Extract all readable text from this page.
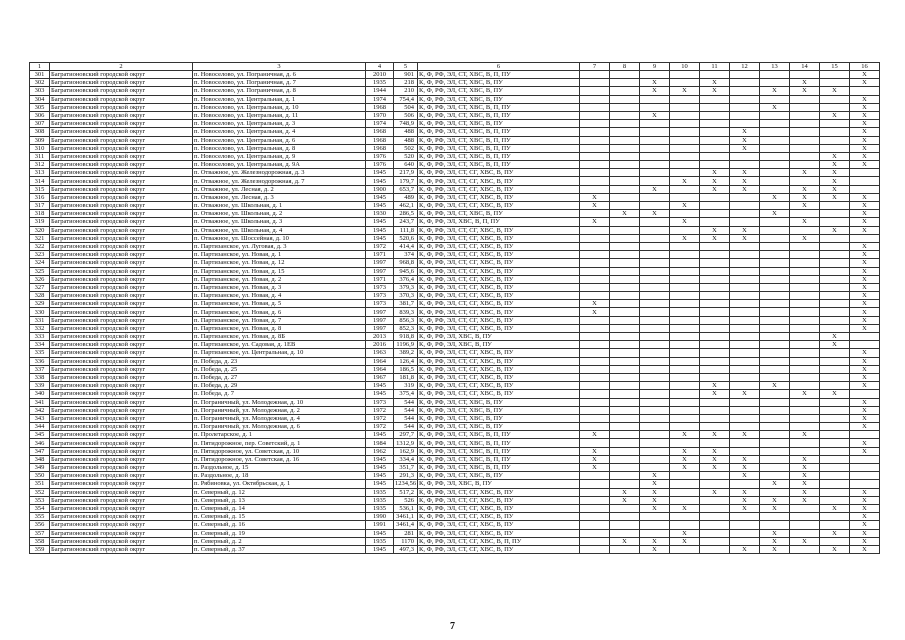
1	2	3	4	5	6	7	8	9	10	11	12	13	14	15	16
301	Багратионовский городской округ	п. Новоселово, ул. Пограничная, д. 6	2010	901	К, Ф, РФ, ЭЛ, СТ, ХВС, В, П, ПУ										X
302	Багратионовский городской округ	п. Новоселово, ул. Пограничная, д. 7	1935	218	К, Ф, РФ, ЭЛ, СТ, ХВС, В, ПУ			X		X			X		X
303	Багратионовский городской округ	п. Новоселово, ул. Пограничная, д. 8	1944	210	К, Ф, РФ, ЭЛ, СТ, ХВС, В, ПУ			X	X	X		X	X	X	
304	Багратионовский городской округ	п. Новоселово, ул. Центральная, д. 1	1974	754,4	К, Ф, РФ, ЭЛ, СТ, ХВС, В, ПУ										X
305	Багратионовский городской округ	п. Новоселово, ул. Центральная, д. 10	1968	504	К, Ф, РФ, ЭЛ, СТ, ХВС, В, П, ПУ							X			X
306	Багратионовский городской округ	п. Новоселово, ул. Центральная, д. 11	1970	506	К, Ф, РФ, ЭЛ, СТ, ХВС, В, П, ПУ			X						X	X
307	Багратионовский городской округ	п. Новоселово, ул. Центральная, д. 3	1974	748,9	К, Ф, РФ, ЭЛ, СТ, ХВС, В, ПУ										X
308	Багратионовский городской округ	п. Новоселово, ул. Центральная, д. 4	1968	488	К, Ф, РФ, ЭЛ, СТ, ХВС, В, П, ПУ						X				X
309	Багратионовский городской округ	п. Новоселово, ул. Центральная, д. 6	1968	488	К, Ф, РФ, ЭЛ, СТ, ХВС, В, П, ПУ						X				X
310	Багратионовский городской округ	п. Новоселово, ул. Центральная, д. 8	1968	502	К, Ф, РФ, ЭЛ, СТ, ХВС, В, П, ПУ						X				X
311	Багратионовский городской округ	п. Новоселово, ул. Центральная, д. 9	1976	520	К, Ф, РФ, ЭЛ, СТ, ХВС, В, П, ПУ									X	X
312	Багратионовский городской округ	п. Новоселово, ул. Центральная, д. 9А	1976	640	К, Ф, РФ, ЭЛ, СТ, ХВС, В, П, ПУ									X	X
313	Багратионовский городской округ	п. Отважное, ул. Железнодорожная, д. 3	1945	217,9	К, Ф, РФ, ЭЛ, СТ, СГ, ХВС, В, ПУ					X	X		X	X	
314	Багратионовский городской округ	п. Отважное, ул. Железнодорожная, д. 7	1945	179,7	К, Ф, РФ, ЭЛ, СТ, СГ, ХВС, В, ПУ				X	X	X			X	
315	Багратионовский городской округ	п. Отважное, ул. Лесная, д. 2	1900	653,7	К, Ф, РФ, ЭЛ, СТ, СГ, ХВС, В, ПУ			X		X	X		X	X	
316	Багратионовский городской округ	п. Отважное, ул. Лесная, д. 3	1945	489	К, Ф, РФ, ЭЛ, СТ, СГ, ХВС, В, ПУ	X						X	X	X	X
317	Багратионовский городской округ	п. Отважное, ул. Школьная, д. 1	1945	462,1	К, Ф, РФ, ЭЛ, СТ, СГ, ХВС, В, ПУ	X			X				X		X
318	Багратионовский городской округ	п. Отважное, ул. Школьная, д. 2	1930	286,5	К, Ф, РФ, ЭЛ, СТ, ХВС, В, ПУ		X	X				X			X
319	Багратионовский городской округ	п. Отважное, ул. Школьная, д. 3	1945	243,7	К, Ф, РФ, ЭЛ, ХВС, В, П, ПУ	X			X				X		X
320	Багратионовский городской округ	п. Отважное, ул. Школьная, д. 4	1945	111,8	К, Ф, РФ, ЭЛ, СТ, СГ, ХВС, В, ПУ					X	X			X	X
321	Багратионовский городской округ	п. Отважное, ул. Шоссейная, д. 10	1945	520,6	К, Ф, РФ, ЭЛ, СТ, СГ, ХВС, В, ПУ				X	X	X		X		
322	Багратионовский городской округ	п. Партизанское, ул. Луговая, д. 3	1972	414,4	К, Ф, РФ, ЭЛ, СТ, СГ, ХВС, В, ПУ										X
323	Багратионовский городской округ	п. Партизанское, ул. Новая, д. 1	1971	374	К, Ф, РФ, ЭЛ, СТ, СГ, ХВС, В, ПУ										X
324	Багратионовский городской округ	п. Партизанское, ул. Новая, д. 12	1997	968,8	К, Ф, РФ, ЭЛ, СТ, СГ, ХВС, В, ПУ										X
325	Багратионовский городской округ	п. Партизанское, ул. Новая, д. 15	1997	945,6	К, Ф, РФ, ЭЛ, СТ, СГ, ХВС, В, ПУ										X
326	Багратионовский городской округ	п. Партизанское, ул. Новая, д. 2	1971	376,4	К, Ф, РФ, ЭЛ, СТ, СГ, ХВС, В, ПУ										X
327	Багратионовский городской округ	п. Партизанское, ул. Новая, д. 3	1973	379,3	К, Ф, РФ, ЭЛ, СТ, СГ, ХВС, В, ПУ										X
328	Багратионовский городской округ	п. Партизанское, ул. Новая, д. 4	1973	370,3	К, Ф, РФ, ЭЛ, СТ, СГ, ХВС, В, ПУ										X
329	Багратионовский городской округ	п. Партизанское, ул. Новая, д. 5	1973	381,7	К, Ф, РФ, ЭЛ, СТ, СГ, ХВС, В, ПУ	X									X
330	Багратионовский городской округ	п. Партизанское, ул. Новая, д. 6	1997	839,3	К, Ф, РФ, ЭЛ, СТ, СГ, ХВС, В, ПУ	X									X
331	Багратионовский городской округ	п. Партизанское, ул. Новая, д. 7	1997	856,3	К, Ф, РФ, ЭЛ, СТ, СГ, ХВС, В, ПУ										X
332	Багратионовский городской округ	п. Партизанское, ул. Новая, д. 8	1997	852,3	К, Ф, РФ, ЭЛ, СТ, СГ, ХВС, В, ПУ										X
333	Багратионовский городской округ	п. Партизанское, ул. Новая, д. 8Б	2013	918,8	К, Ф, РФ, ЭЛ, ХВС, В, ПУ									X	
334	Багратионовский городской округ	п. Партизанское, ул. Садовая, д. 1ЕВ	2016	1196,9	К, Ф, РФ, ЭЛ, ХВС, В, ПУ									X	
335	Багратионовский городской округ	п. Партизанское, ул. Центральная, д. 10	1963	389,2	К, Ф, РФ, ЭЛ, СТ, СГ, ХВС, В, ПУ										X
336	Багратионовский городской округ	п. Победа, д. 23	1964	126,4	К, Ф, РФ, ЭЛ, СТ, СГ, ХВС, В, ПУ										X
337	Багратионовский городской округ	п. Победа, д. 25	1964	186,5	К, Ф, РФ, ЭЛ, СТ, СГ, ХВС, В, ПУ										X
338	Багратионовский городской округ	п. Победа, д. 27	1967	181,8	К, Ф, РФ, ЭЛ, СТ, СГ, ХВС, В, ПУ										X
339	Багратионовский городской округ	п. Победа, д. 29	1945	319	К, Ф, РФ, ЭЛ, СТ, СГ, ХВС, В, ПУ					X		X			X
340	Багратионовский городской округ	п. Победа, д. 7	1945	375,4	К, Ф, РФ, ЭЛ, СТ, СГ, ХВС, В, ПУ					X	X		X	X	
341	Багратионовский городской округ	п. Пограничный, ул. Молодежная, д. 10	1973	544	К, Ф, РФ, ЭЛ, СТ, ХВС, В, ПУ										X
342	Багратионовский городской округ	п. Пограничный, ул. Молодежная, д. 2	1972	544	К, Ф, РФ, ЭЛ, СТ, ХВС, В, ПУ										X
343	Багратионовский городской округ	п. Пограничный, ул. Молодежная, д. 4	1972	544	К, Ф, РФ, ЭЛ, СТ, ХВС, В, ПУ										X
344	Багратионовский городской округ	п. Пограничный, ул. Молодежная, д. 6	1972	544	К, Ф, РФ, ЭЛ, СТ, ХВС, В, ПУ										X
345	Багратионовский городской округ	п. Пролетарское, д. 1	1945	297,7	К, Ф, РФ, ЭЛ, СТ, ХВС, В, П, ПУ	X			X	X	X		X		
346	Багратионовский городской округ	п. Пятидорожное, пер. Советский, д. 1	1984	1312,9	К, Ф, РФ, ЭЛ, СТ, ХВС, В, П, ПУ										X
347	Багратионовский городской округ	п. Пятидорожное, ул. Советская, д. 10	1962	162,9	К, Ф, РФ, ЭЛ, СТ, ХВС, В, П, ПУ	X			X	X					X
348	Багратионовский городской округ	п. Пятидорожное, ул. Советская, д. 16	1945	334,4	К, Ф, РФ, ЭЛ, СТ, ХВС, В, П, ПУ	X			X	X	X		X		
349	Багратионовский городской округ	п. Раздольное, д. 15	1945	351,7	К, Ф, РФ, ЭЛ, СТ, ХВС, В, П, ПУ	X			X	X	X		X		
350	Багратионовский городской округ	п. Раздольное, д. 18	1945	291,3	К, Ф, РФ, ЭЛ, СТ, ХВС, В, ПУ			X			X		X		
351	Багратионовский городской округ	п. Рябиновка, ул. Октябрьская, д. 1	1945	1234,56	К, Ф, РФ, ЭЛ, ХВС, В, ПУ			X				X	X		
352	Багратионовский городской округ	п. Северный, д. 12	1935	517,2	К, Ф, РФ, ЭЛ, СТ, СГ, ХВС, В, ПУ		X	X		X	X		X		X
353	Багратионовский городской округ	п. Северный, д. 13	1935	526	К, Ф, РФ, ЭЛ, СТ, СГ, ХВС, В, ПУ		X	X			X	X	X		X
354	Багратионовский городской округ	п. Северный, д. 14	1935	536,1	К, Ф, РФ, ЭЛ, СТ, СГ, ХВС, В, ПУ			X	X		X	X		X	X
355	Багратионовский городской округ	п. Северный, д. 15	1990	3461,1	К, Ф, РФ, ЭЛ, СТ, СГ, ХВС, В, ПУ										X
356	Багратионовский городской округ	п. Северный, д. 16	1991	3461,4	К, Ф, РФ, ЭЛ, СТ, СГ, ХВС, В, ПУ										X
357	Багратионовский городской округ	п. Северный, д. 19	1945	281	К, Ф, РФ, ЭЛ, СТ, СГ, ХВС, В, ПУ				X			X		X	X
358	Багратионовский городской округ	п. Северный, д. 2	1935	1170	К, Ф, РФ, ЭЛ, СТ, СГ, ХВС, В, П, ПУ		X	X	X			X	X		X
359	Багратионовский городской округ	п. Северный, д. 37	1945	497,3	К, Ф, РФ, ЭЛ, СТ, СГ, ХВС, В, ПУ			X			X	X		X	X
7
